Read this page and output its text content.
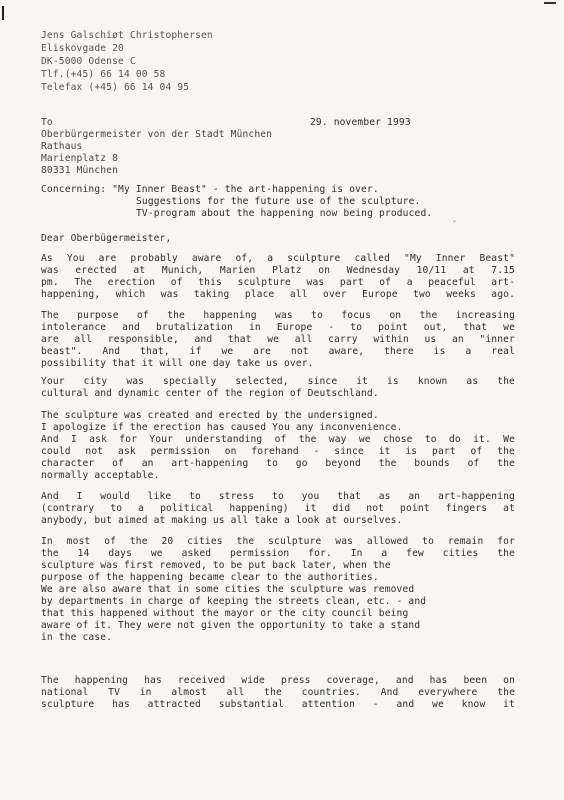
Jens Galschiøt Christophersen
Eliskovgade 20
DK-5000 Odense C
Tlf.(+45) 66 14 00 58
Telefax (+45) 66 14 04 95
To	29. november 1993
Oberbürgermeister von der Stadt München
Rathaus
Marienplatz 8
80331 München
Concerning: "My Inner Beast" - the art-happening is over.
Suggestions for the future use of the sculpture.
TV-program about the happening now being produced.
ˇ
Dear Oberbügermeister,
As You are probably aware of, a sculpture called "My Inner Beast"
was erected at Munich, Marien Platz on Wednesday 10/11 at 7.15
pm. The erection of this sculpture was part of a peaceful art-
happening, which was taking place all over Europe two weeks ago.
The purpose of the happening was to focus on the increasing
intolerance and brutalization in Europe - to point out, that we
are all responsible, and that we all carry within us an "inner
beast". And that, if we are not aware, there is a real
possibility that it will one day take us over.
Your city was specially selected, since it is known as the
cultural and dynamic center of the region of Deutschland.
The sculpture was created and erected by the undersigned.
I apologize if the erection has caused You any inconvenience.
And I ask for Your understanding of the way we chose to do it. We
could not ask permission on forehand - since it is part of the
character of an art-happening to go beyond the bounds of the
normally acceptable.
And I would like to stress to you that as an art-happening
(contrary to a political happening) it did not point fingers at
anybody, but aimed at making us all take a look at ourselves.
In most of the 20 cities the sculpture was allowed to remain for
the 14 days we asked permission for. In a few cities the
sculpture was first removed, to be put back later, when the
purpose of the happening became clear to the authorities.
We are also aware that in some cities the sculpture was removed
by departments in charge of keeping the streets clean, etc. - and
that this happened without the mayor or the city council being
aware of it. They were not given the opportunity to take a stand
in the case.
The happening has received wide press coverage, and has been on
national TV in almost all the countries. And everywhere the
sculpture has attracted substantial attention - and we know it
